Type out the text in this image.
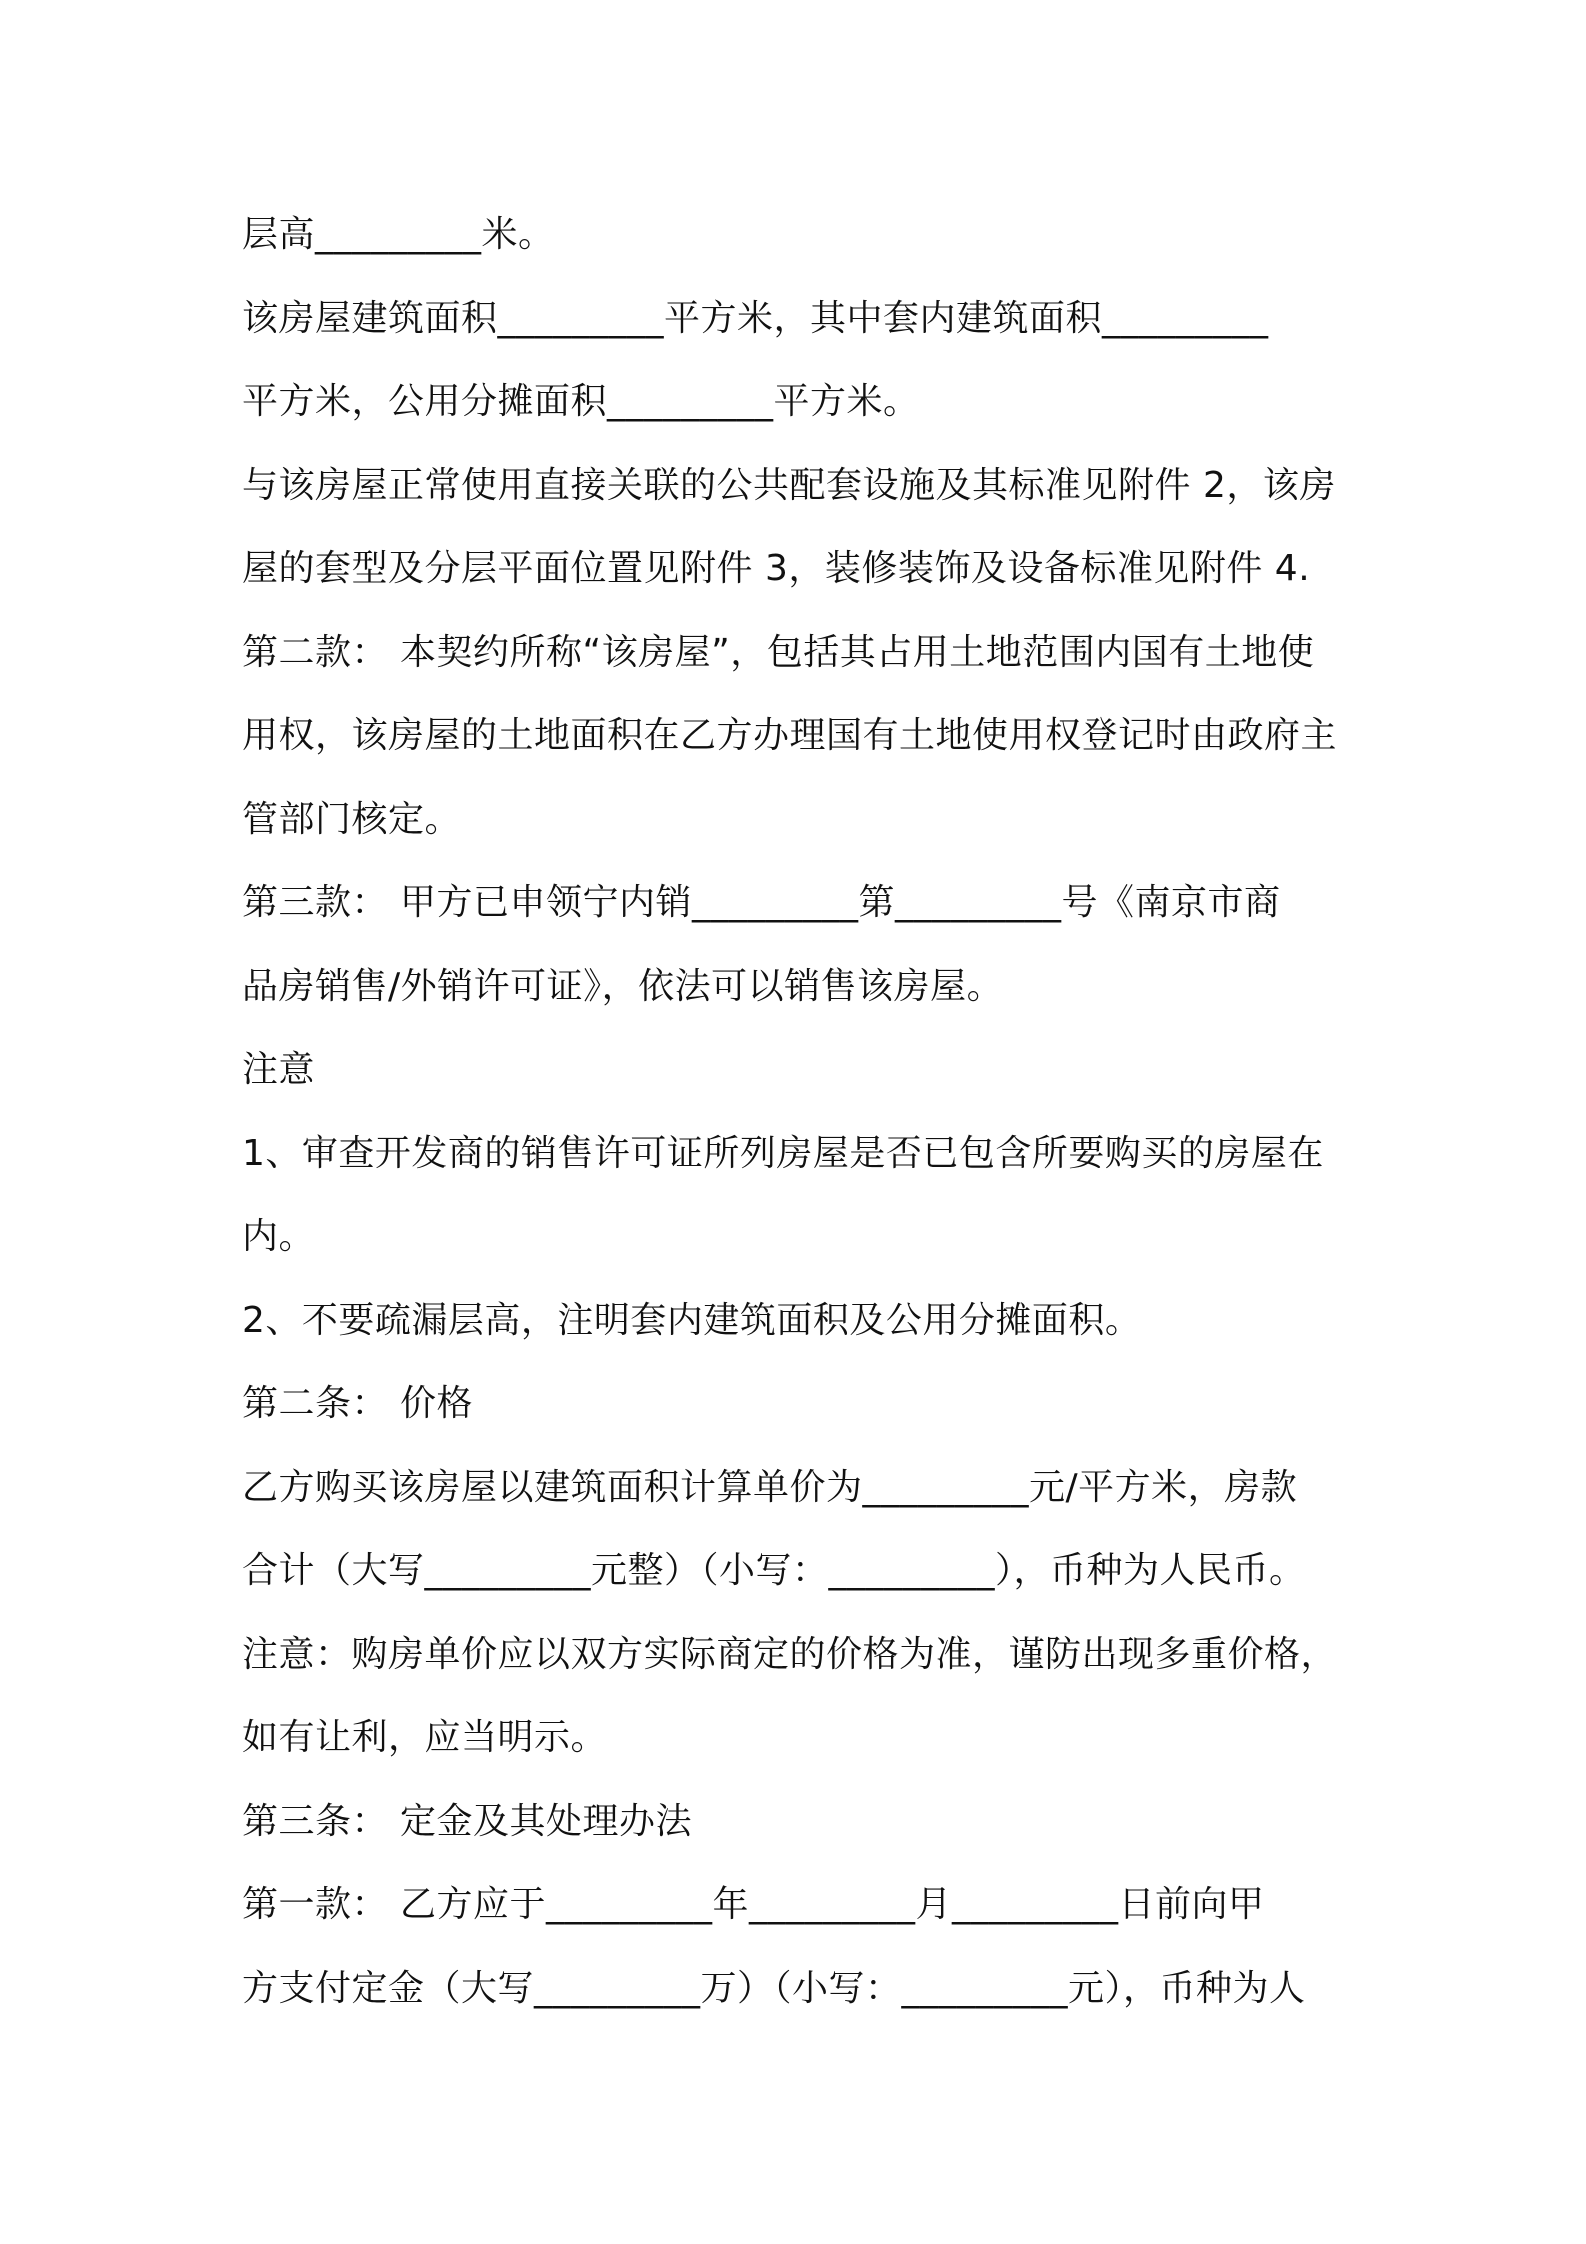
层高_________米。
该房屋建筑面积_________平方米，其中套内建筑面积_________
平方米，公用分摊面积_________平方米。
与该房屋正常使用直接关联的公共配套设施及其标准见附件 2，该房
屋的套型及分层平面位置见附件 3，装修装饰及设备标准见附件 4.
第二款： 本契约所称“该房屋”，包括其占用土地范围内国有土地使
用权，该房屋的土地面积在乙方办理国有土地使用权登记时由政府主
管部门核定。
第三款： 甲方已申领宁内销_________第_________号《南京市商
品房销售/外销许可证》，依法可以销售该房屋。
注意
1、审查开发商的销售许可证所列房屋是否已包含所要购买的房屋在
内。
2、不要疏漏层高，注明套内建筑面积及公用分摊面积。
第二条： 价格
乙方购买该房屋以建筑面积计算单价为_________元/平方米，房款
合计（大写_________元整）（小写：_________），币种为人民币。
注意：购房单价应以双方实际商定的价格为准，谨防出现多重价格，
如有让利，应当明示。
第三条： 定金及其处理办法
第一款： 乙方应于_________年_________月_________日前向甲
方支付定金（大写_________万）（小写：_________元），币种为人
